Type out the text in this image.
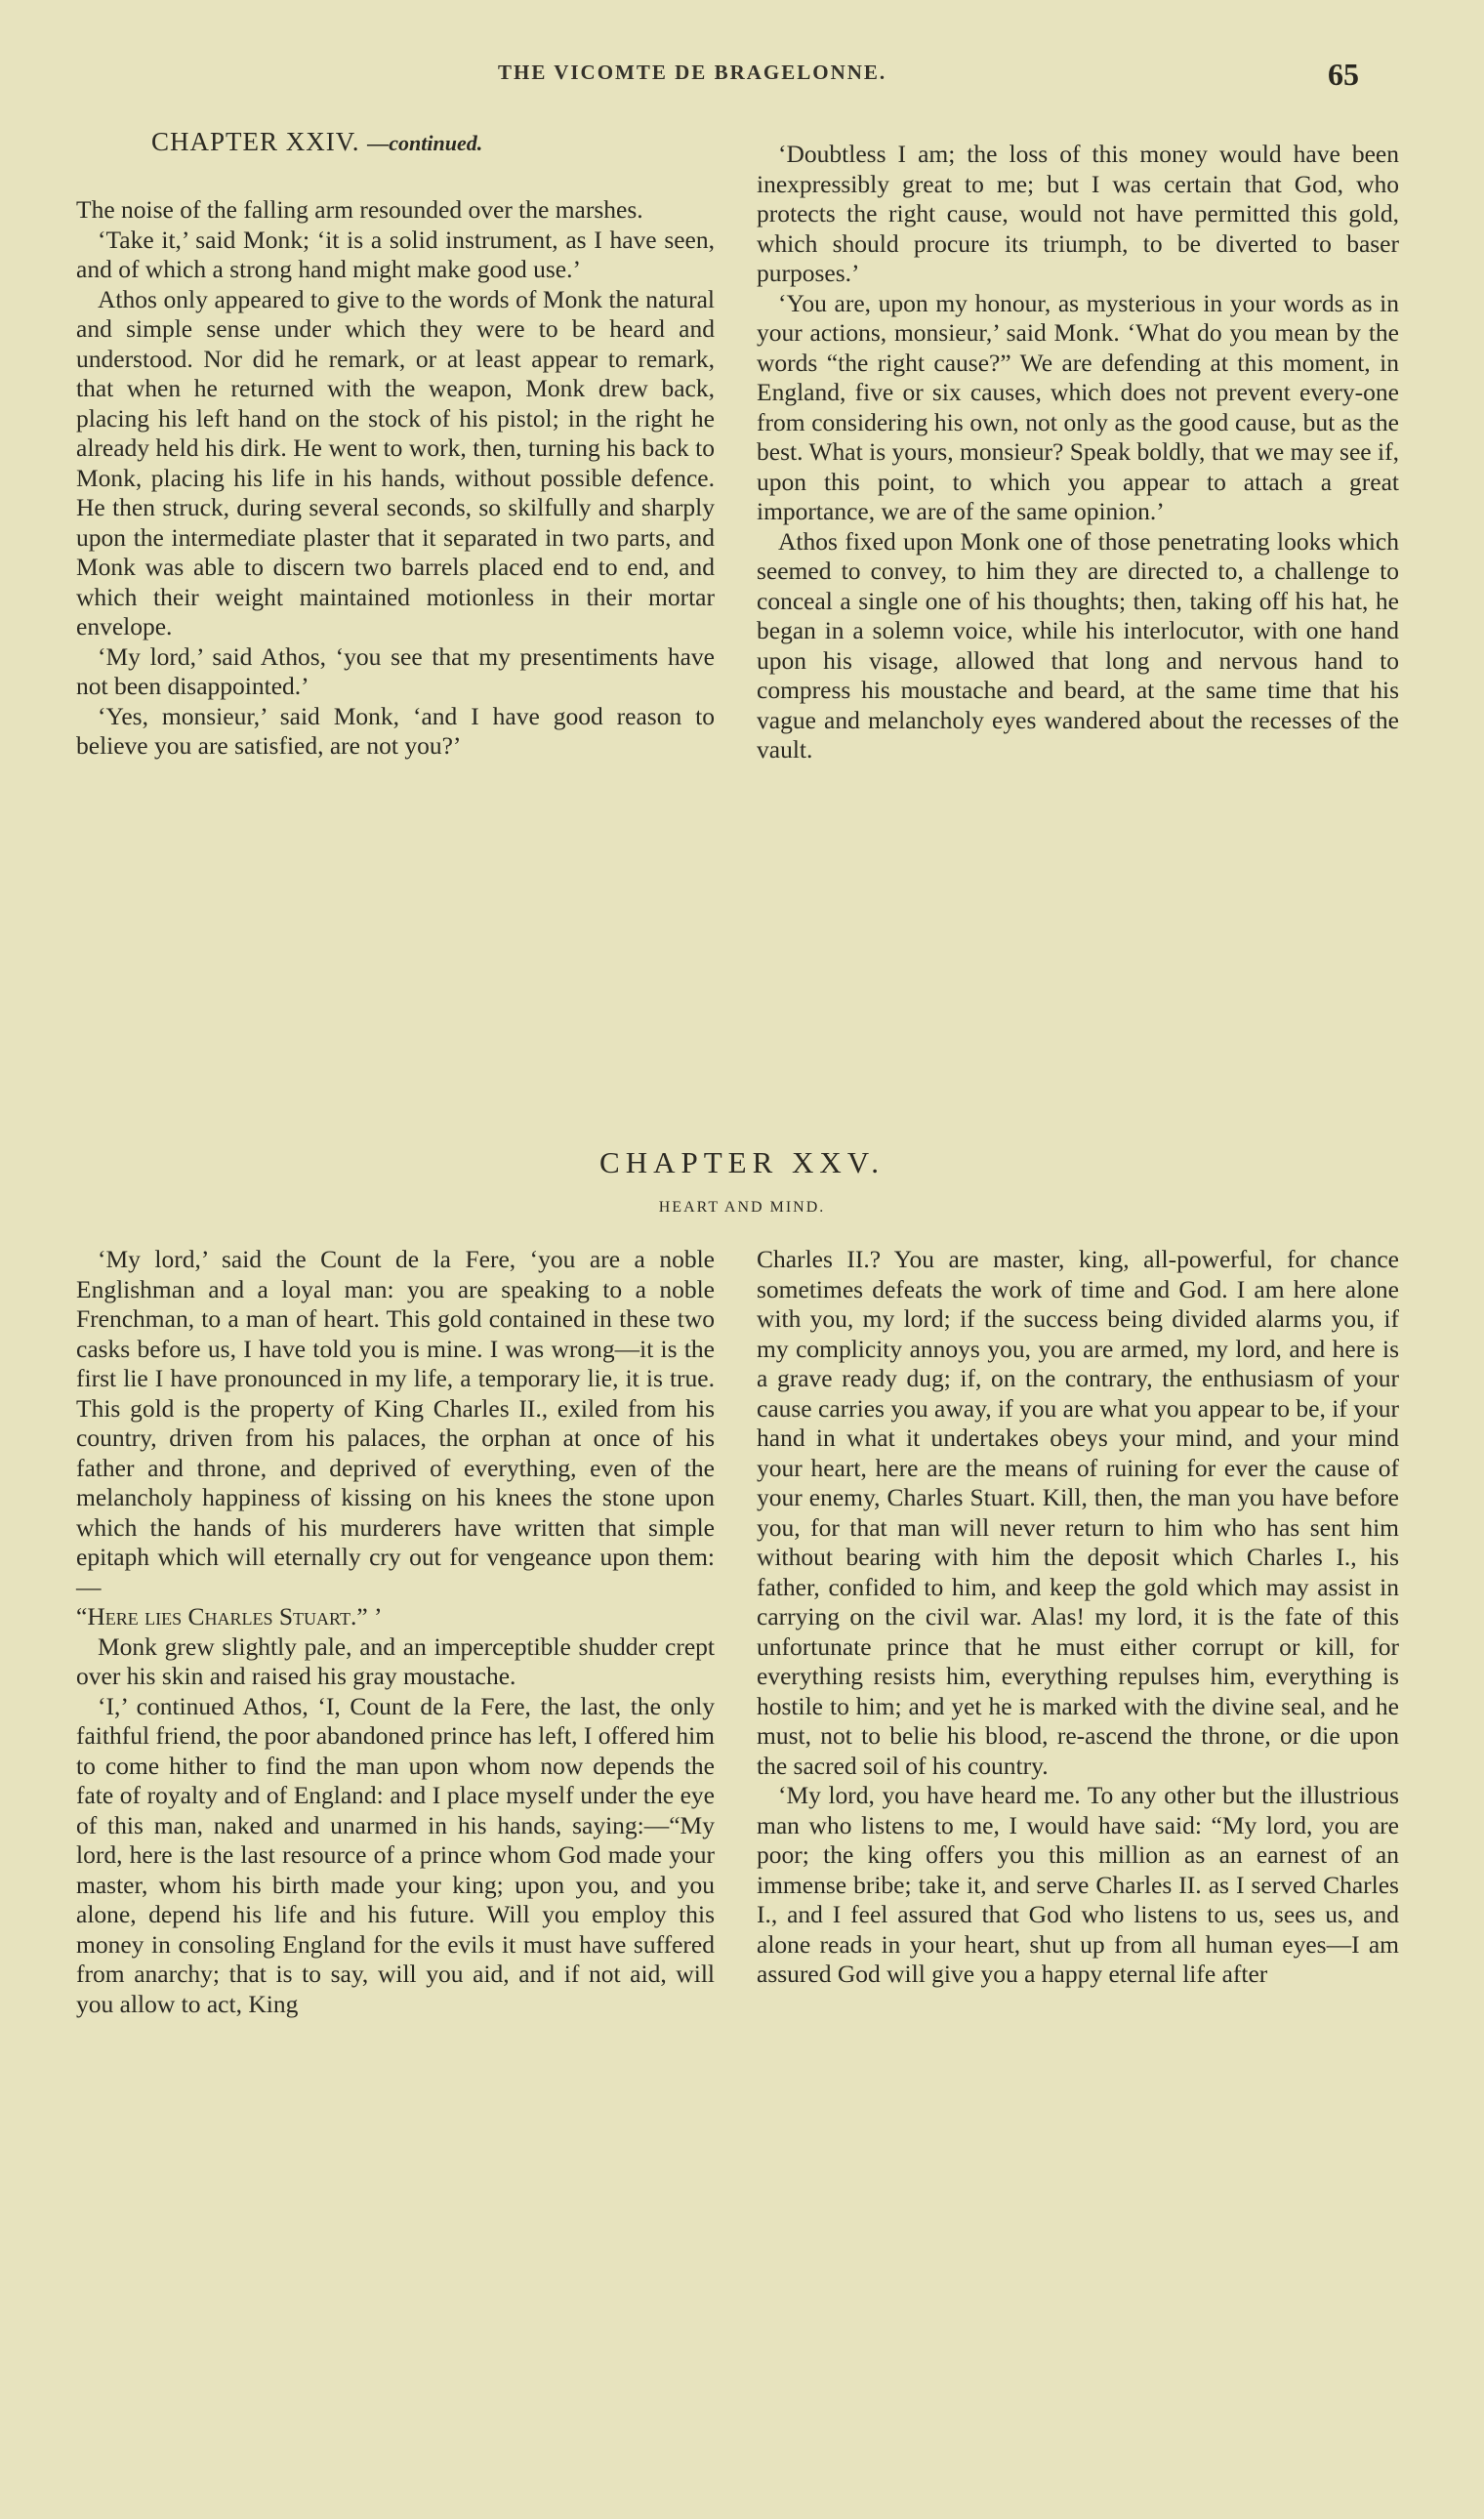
THE VICOMTE DE BRAGELONNE.	65
CHAPTER XXIV. —continued.

The noise of the falling arm resounded over the marshes.

‘Take it,’ said Monk; ‘it is a solid instrument, as I have seen, and of which a strong hand might make good use.’

Athos only appeared to give to the words of Monk the natural and simple sense under which they were to be heard and understood. Nor did he remark, or at least appear to remark, that when he returned with the weapon, Monk drew back, placing his left hand on the stock of his pistol; in the right he already held his dirk. He went to work, then, turning his back to Monk, placing his life in his hands, without possible defence. He then struck, during several seconds, so skilfully and sharply upon the intermediate plaster that it separated in two parts, and Monk was able to discern two barrels placed end to end, and which their weight maintained motionless in their mortar envelope.

‘My lord,’ said Athos, ‘you see that my presentiments have not been disappointed.’

‘Yes, monsieur,’ said Monk, ‘and I have good reason to believe you are satisfied, are not you?’

‘Doubtless I am; the loss of this money would have been inexpressibly great to me; but I was certain that God, who protects the right cause, would not have permitted this gold, which should procure its triumph, to be diverted to baser purposes.’

‘You are, upon my honour, as mysterious in your words as in your actions, monsieur,’ said Monk. ‘What do you mean by the words “the right cause?” We are defending at this moment, in England, five or six causes, which does not prevent every-one from considering his own, not only as the good cause, but as the best. What is yours, monsieur? Speak boldly, that we may see if, upon this point, to which you appear to attach a great importance, we are of the same opinion.’

Athos fixed upon Monk one of those penetrating looks which seemed to convey, to him they are directed to, a challenge to conceal a single one of his thoughts; then, taking off his hat, he began in a solemn voice, while his interlocutor, with one hand upon his visage, allowed that long and nervous hand to compress his moustache and beard, at the same time that his vague and melancholy eyes wandered about the recesses of the vault.

CHAPTER XXV.
HEART AND MIND.

‘My lord,’ said the Count de la Fere, ‘you are a noble Englishman and a loyal man: you are speaking to a noble Frenchman, to a man of heart. This gold contained in these two casks before us, I have told you is mine. I was wrong—it is the first lie I have pronounced in my life, a temporary lie, it is true. This gold is the property of King Charles II., exiled from his country, driven from his palaces, the orphan at once of his father and throne, and deprived of everything, even of the melancholy happiness of kissing on his knees the stone upon which the hands of his murderers have written that simple epitaph which will eternally cry out for vengeance upon them:—

“Here lies Charles Stuart.” ’

Monk grew slightly pale, and an imperceptible shudder crept over his skin and raised his gray moustache.

‘I,’ continued Athos, ‘I, Count de la Fere, the last, the only faithful friend, the poor abandoned prince has left, I offered him to come hither to find the man upon whom now depends the fate of royalty and of England: and I place myself under the eye of this man, naked and unarmed in his hands, saying:—“My lord, here is the last resource of a prince whom God made your master, whom his birth made your king; upon you, and you alone, depend his life and his future. Will you employ this money in consoling England for the evils it must have suffered from anarchy; that is to say, will you aid, and if not aid, will you allow to act, King

Charles II.? You are master, king, all-powerful, for chance sometimes defeats the work of time and God. I am here alone with you, my lord; if the success being divided alarms you, if my complicity annoys you, you are armed, my lord, and here is a grave ready dug; if, on the contrary, the enthusiasm of your cause carries you away, if you are what you appear to be, if your hand in what it undertakes obeys your mind, and your mind your heart, here are the means of ruining for ever the cause of your enemy, Charles Stuart. Kill, then, the man you have before you, for that man will never return to him who has sent him without bearing with him the deposit which Charles I., his father, confided to him, and keep the gold which may assist in carrying on the civil war. Alas! my lord, it is the fate of this unfortunate prince that he must either corrupt or kill, for everything resists him, everything repulses him, everything is hostile to him; and yet he is marked with the divine seal, and he must, not to belie his blood, re-ascend the throne, or die upon the sacred soil of his country.

‘My lord, you have heard me. To any other but the illustrious man who listens to me, I would have said: “My lord, you are poor; the king offers you this million as an earnest of an immense bribe; take it, and serve Charles II. as I served Charles I., and I feel assured that God who listens to us, sees us, and alone reads in your heart, shut up from all human eyes—I am assured God will give you a happy eternal life after
